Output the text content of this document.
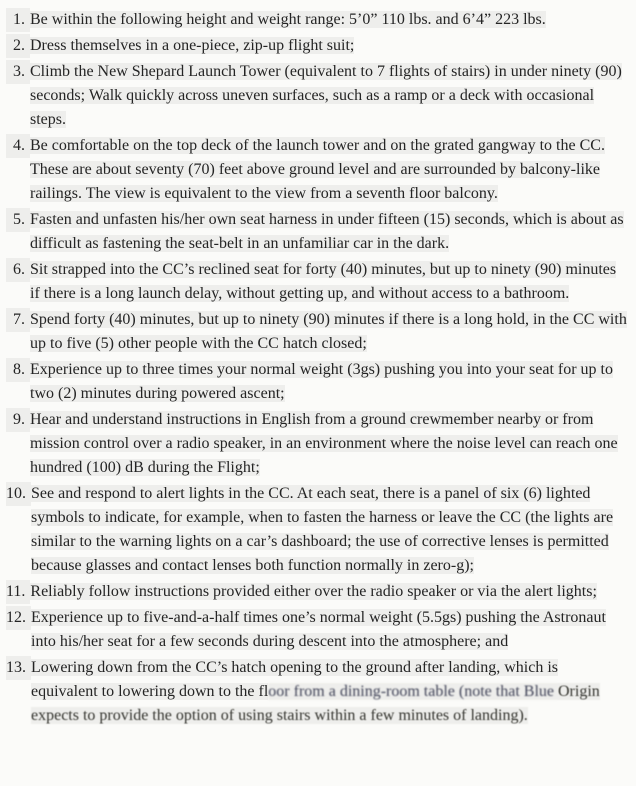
1. Be within the following height and weight range: 5’0” 110 lbs. and 6’4” 223 lbs.
2. Dress themselves in a one-piece, zip-up flight suit;
3. Climb the New Shepard Launch Tower (equivalent to 7 flights of stairs) in under ninety (90) seconds; Walk quickly across uneven surfaces, such as a ramp or a deck with occasional steps.
4. Be comfortable on the top deck of the launch tower and on the grated gangway to the CC. These are about seventy (70) feet above ground level and are surrounded by balcony-like railings. The view is equivalent to the view from a seventh floor balcony.
5. Fasten and unfasten his/her own seat harness in under fifteen (15) seconds, which is about as difficult as fastening the seat-belt in an unfamiliar car in the dark.
6. Sit strapped into the CC’s reclined seat for forty (40) minutes, but up to ninety (90) minutes if there is a long launch delay, without getting up, and without access to a bathroom.
7. Spend forty (40) minutes, but up to ninety (90) minutes if there is a long hold, in the CC with up to five (5) other people with the CC hatch closed;
8. Experience up to three times your normal weight (3gs) pushing you into your seat for up to two (2) minutes during powered ascent;
9. Hear and understand instructions in English from a ground crewmember nearby or from mission control over a radio speaker, in an environment where the noise level can reach one hundred (100) dB during the Flight;
10. See and respond to alert lights in the CC. At each seat, there is a panel of six (6) lighted symbols to indicate, for example, when to fasten the harness or leave the CC (the lights are similar to the warning lights on a car’s dashboard; the use of corrective lenses is permitted because glasses and contact lenses both function normally in zero-g);
11. Reliably follow instructions provided either over the radio speaker or via the alert lights;
12. Experience up to five-and-a-half times one’s normal weight (5.5gs) pushing the Astronaut into his/her seat for a few seconds during descent into the atmosphere; and
13. Lowering down from the CC’s hatch opening to the ground after landing, which is equivalent to lowering down to the floor from a dining-room table (note that Blue Origin expects to provide the option of using stairs within a few minutes of landing).
